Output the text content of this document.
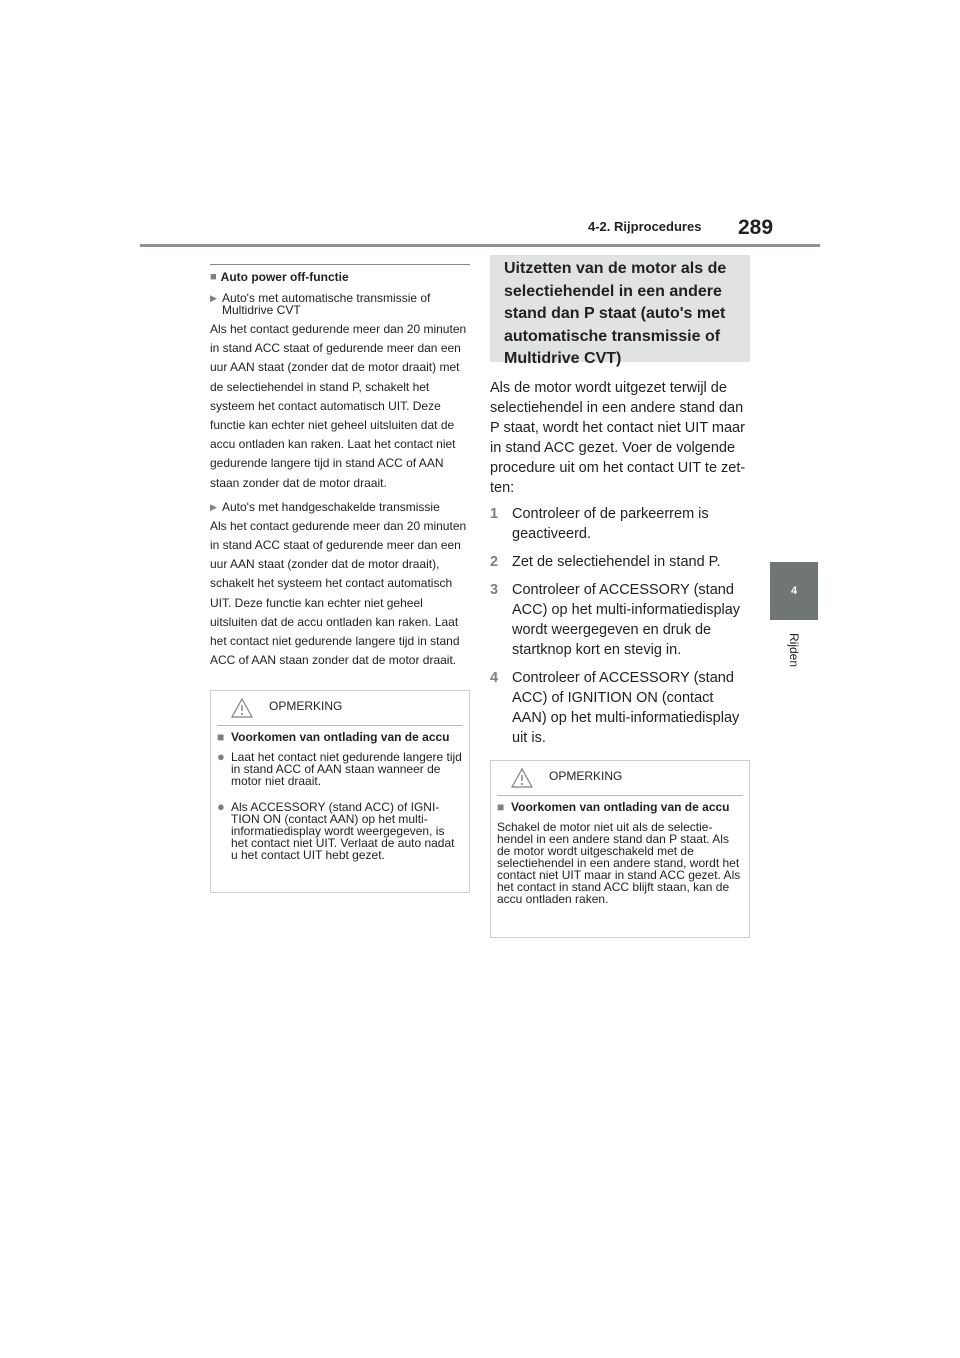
4-2. Rijprocedures 289
4
Rijden
■ Auto power off-functie
▶ Auto's met automatische transmissie of Multidrive CVT
Als het contact gedurende meer dan 20 minuten in stand ACC staat of gedurende meer dan een uur AAN staat (zonder dat de motor draait) met de selectiehendel in stand P, schakelt het systeem het contact automatisch UIT. Deze functie kan echter niet geheel uitsluiten dat de accu ontladen kan raken. Laat het contact niet gedurende langere tijd in stand ACC of AAN staan zonder dat de motor draait.
▶ Auto's met handgeschakelde transmissie
Als het contact gedurende meer dan 20 minuten in stand ACC staat of gedurende meer dan een uur AAN staat (zonder dat de motor draait), schakelt het systeem het contact automatisch UIT. Deze functie kan echter niet geheel uitsluiten dat de accu ontladen kan raken. Laat het contact niet gedurende langere tijd in stand ACC of AAN staan zonder dat de motor draait.
OPMERKING
■ Voorkomen van ontlading van de accu
● Laat het contact niet gedurende langere tijd in stand ACC of AAN staan wanneer de motor niet draait.
● Als ACCESSORY (stand ACC) of IGNITION ON (contact AAN) op het multi-informatiedisplay wordt weergegeven, is het contact niet UIT. Verlaat de auto nadat u het contact UIT hebt gezet.
Uitzetten van de motor als de selectiehendel in een andere stand dan P staat (auto's met automatische transmissie of Multidrive CVT)
Als de motor wordt uitgezet terwijl de selectiehendel in een andere stand dan P staat, wordt het contact niet UIT maar in stand ACC gezet. Voer de volgende procedure uit om het contact UIT te zetten:
1 Controleer of de parkeerrem is geactiveerd.
2 Zet de selectiehendel in stand P.
3 Controleer of ACCESSORY (stand ACC) op het multi-informatiedisplay wordt weergegeven en druk de startknop kort en stevig in.
4 Controleer of ACCESSORY (stand ACC) of IGNITION ON (contact AAN) op het multi-informatiedisplay uit is.
OPMERKING
■ Voorkomen van ontlading van de accu
Schakel de motor niet uit als de selectiehendel in een andere stand dan P staat. Als de motor wordt uitgeschakeld met de selectiehendel in een andere stand, wordt het contact niet UIT maar in stand ACC gezet. Als het contact in stand ACC blijft staan, kan de accu ontladen raken.
